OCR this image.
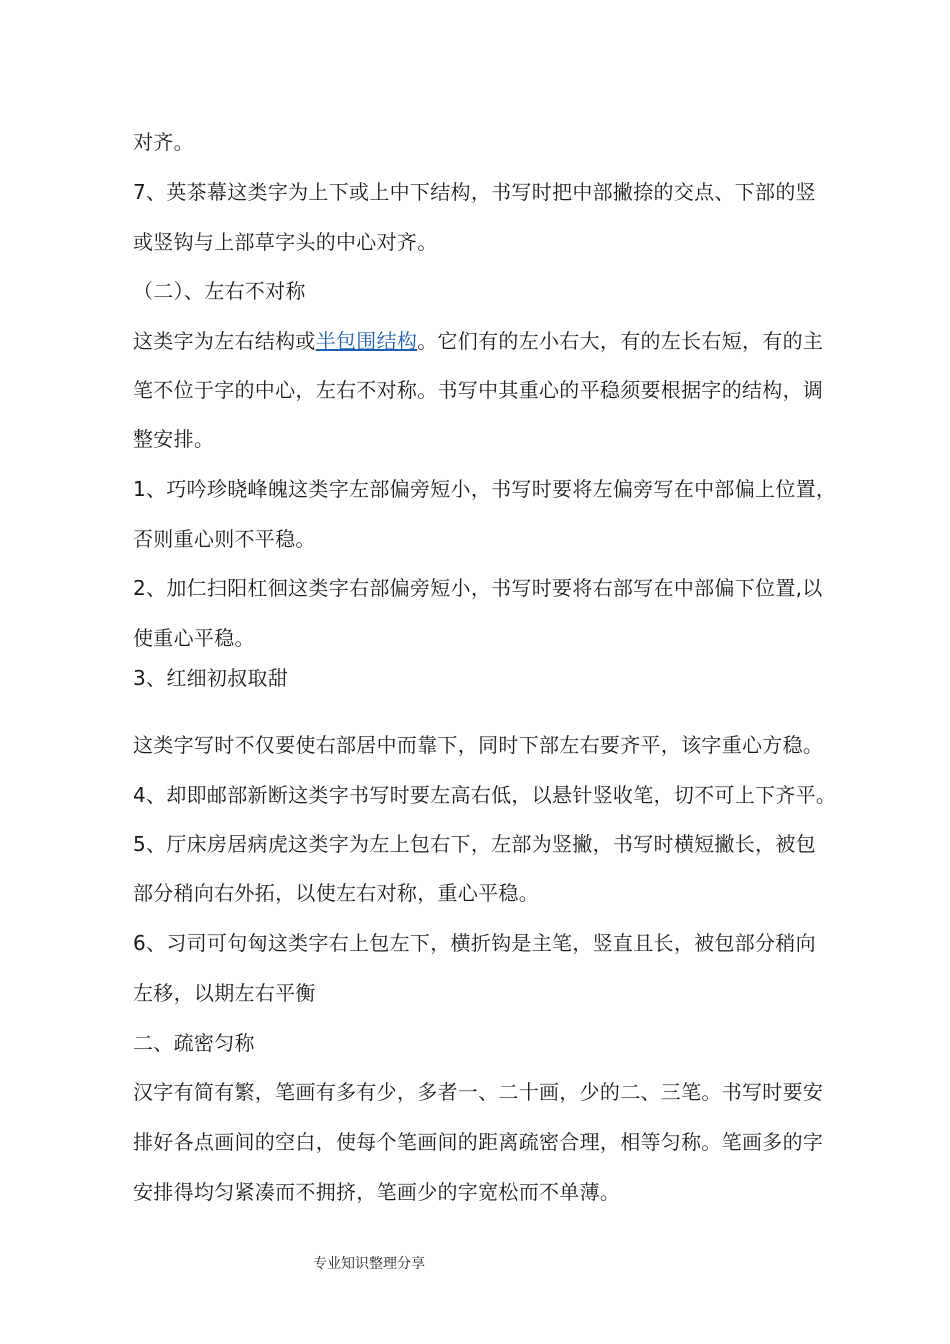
对齐。
7、英茶幕这类字为上下或上中下结构，书写时把中部撇捺的交点、下部的竖
或竖钩与上部草字头的中心对齐。
（二）、左右不对称
这类字为左右结构或半包围结构。它们有的左小右大，有的左长右短，有的主
笔不位于字的中心，左右不对称。书写中其重心的平稳须要根据字的结构，调
整安排。
1、巧吟珍晓峰魄这类字左部偏旁短小，书写时要将左偏旁写在中部偏上位置，
否则重心则不平稳。
2、加仁扫阳杠徊这类字右部偏旁短小，书写时要将右部写在中部偏下位置,以
使重心平稳。
3、红细初叔取甜
这类字写时不仅要使右部居中而靠下，同时下部左右要齐平，该字重心方稳。
4、却即邮部新断这类字书写时要左高右低，以悬针竖收笔，切不可上下齐平。
5、厅床房居病虎这类字为左上包右下，左部为竖撇，书写时横短撇长，被包
部分稍向右外拓，以使左右对称，重心平稳。
6、习司可句匈这类字右上包左下，横折钩是主笔，竖直且长，被包部分稍向
左移，以期左右平衡
二、疏密匀称
汉字有简有繁，笔画有多有少，多者一、二十画，少的二、三笔。书写时要安
排好各点画间的空白，使每个笔画间的距离疏密合理，相等匀称。笔画多的字
安排得均匀紧凑而不拥挤，笔画少的字宽松而不单薄。
专业知识整理分享
